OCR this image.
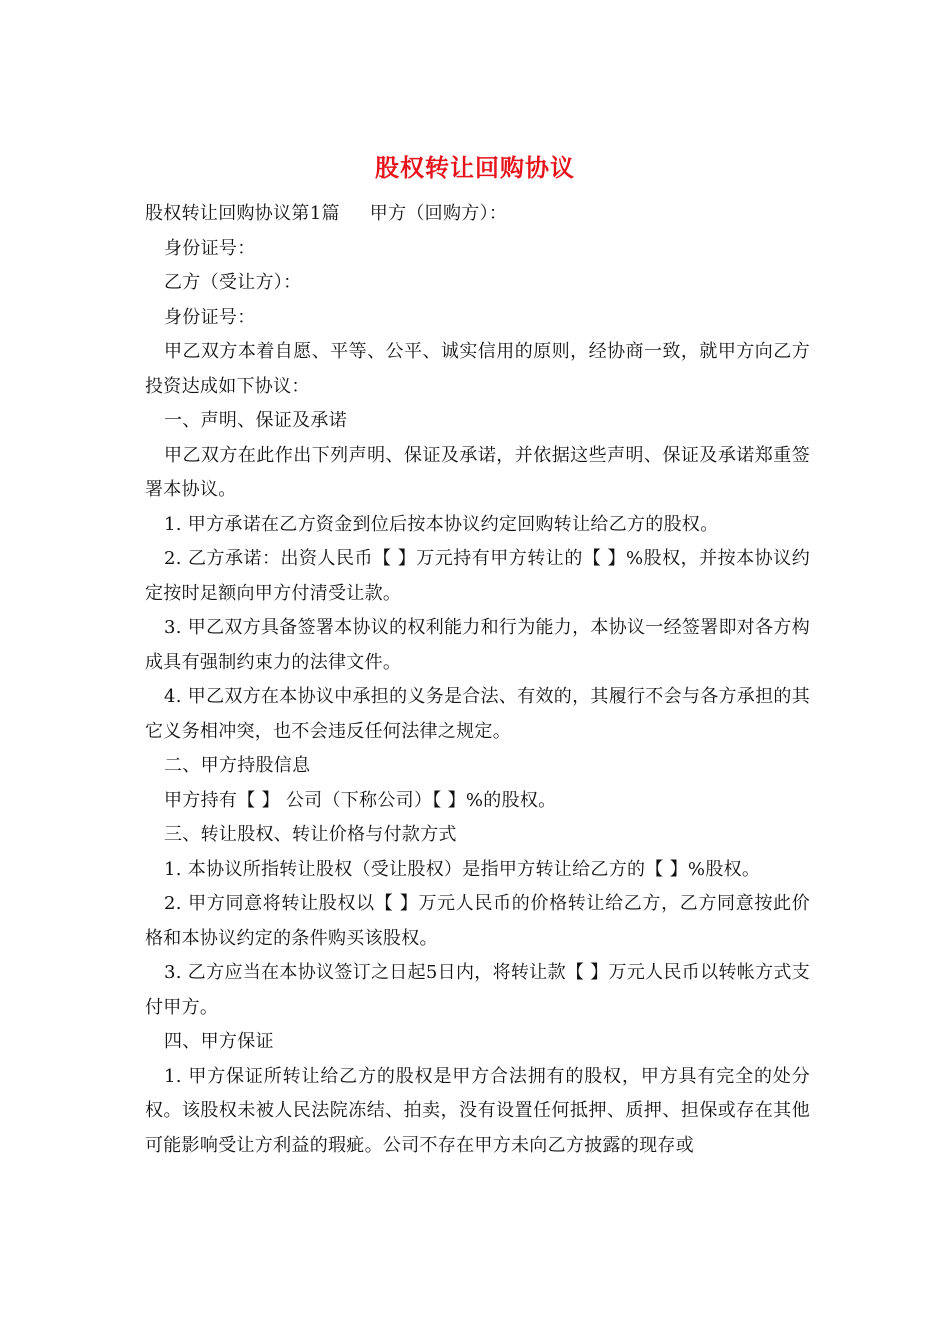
股权转让回购协议

股权转让回购协议第1篇 甲方（回购方）：

身份证号：

乙方（受让方）：

身份证号：

甲乙双方本着自愿、平等、公平、诚实信用的原则，经协商一致，就甲方向乙方投资达成如下协议：

一、声明、保证及承诺

甲乙双方在此作出下列声明、保证及承诺，并依据这些声明、保证及承诺郑重签署本协议。

1. 甲方承诺在乙方资金到位后按本协议约定回购转让给乙方的股权。

2. 乙方承诺：出资人民币【 】万元持有甲方转让的【 】%股权，并按本协议约定按时足额向甲方付清受让款。

3. 甲乙双方具备签署本协议的权利能力和行为能力，本协议一经签署即对各方构成具有强制约束力的法律文件。

4. 甲乙双方在本协议中承担的义务是合法、有效的，其履行不会与各方承担的其它义务相冲突，也不会违反任何法律之规定。

二、甲方持股信息

甲方持有【 】 公司（下称公司）【 】%的股权。

三、转让股权、转让价格与付款方式

1. 本协议所指转让股权（受让股权）是指甲方转让给乙方的【 】%股权。

2. 甲方同意将转让股权以【 】万元人民币的价格转让给乙方，乙方同意按此价格和本协议约定的条件购买该股权。

3. 乙方应当在本协议签订之日起5日内，将转让款【 】万元人民币以转帐方式支付甲方。

四、甲方保证

1. 甲方保证所转让给乙方的股权是甲方合法拥有的股权，甲方具有完全的处分权。该股权未被人民法院冻结、拍卖，没有设置任何抵押、质押、担保或存在其他可能影响受让方利益的瑕疵。公司不存在甲方未向乙方披露的现存或
